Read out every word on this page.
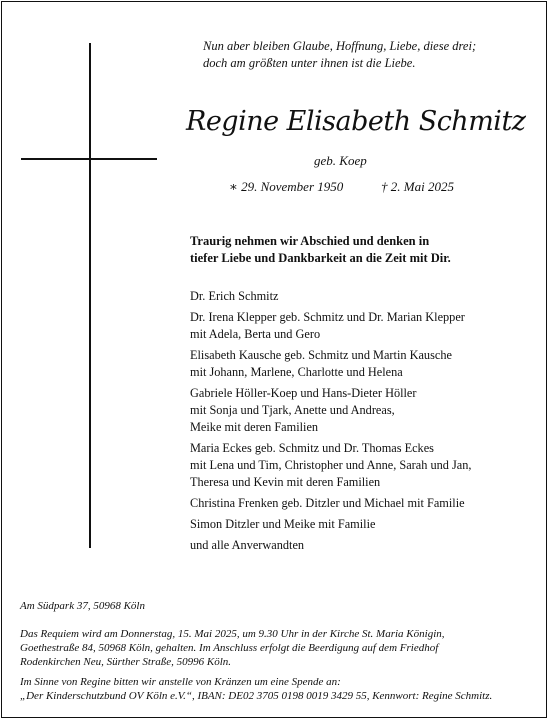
Nun aber bleiben Glaube, Hoffnung, Liebe, diese drei;
doch am größten unter ihnen ist die Liebe.
Regine Elisabeth Schmitz
geb. Koep
∗ 29. November 1950	† 2. Mai 2025
Traurig nehmen wir Abschied und denken in
tiefer Liebe und Dankbarkeit an die Zeit mit Dir.
Dr. Erich Schmitz
Dr. Irena Klepper geb. Schmitz und Dr. Marian Klepper
mit Adela, Berta und Gero
Elisabeth Kausche geb. Schmitz und Martin Kausche
mit Johann, Marlene, Charlotte und Helena
Gabriele Höller-Koep und Hans-Dieter Höller
mit Sonja und Tjark, Anette und Andreas,
Meike mit deren Familien
Maria Eckes geb. Schmitz und Dr. Thomas Eckes
mit Lena und Tim, Christopher und Anne, Sarah und Jan,
Theresa und Kevin mit deren Familien
Christina Frenken geb. Ditzler und Michael mit Familie
Simon Ditzler und Meike mit Familie
und alle Anverwandten
Am Südpark 37, 50968 Köln
Das Requiem wird am Donnerstag, 15. Mai 2025, um 9.30 Uhr in der Kirche St. Maria Königin,
Goethestraße 84, 50968 Köln, gehalten. Im Anschluss erfolgt die Beerdigung auf dem Friedhof
Rodenkirchen Neu, Sürther Straße, 50996 Köln.
Im Sinne von Regine bitten wir anstelle von Kränzen um eine Spende an:
„Der Kinderschutzbund OV Köln e.V.“, IBAN: DE02 3705 0198 0019 3429 55, Kennwort: Regine Schmitz.
